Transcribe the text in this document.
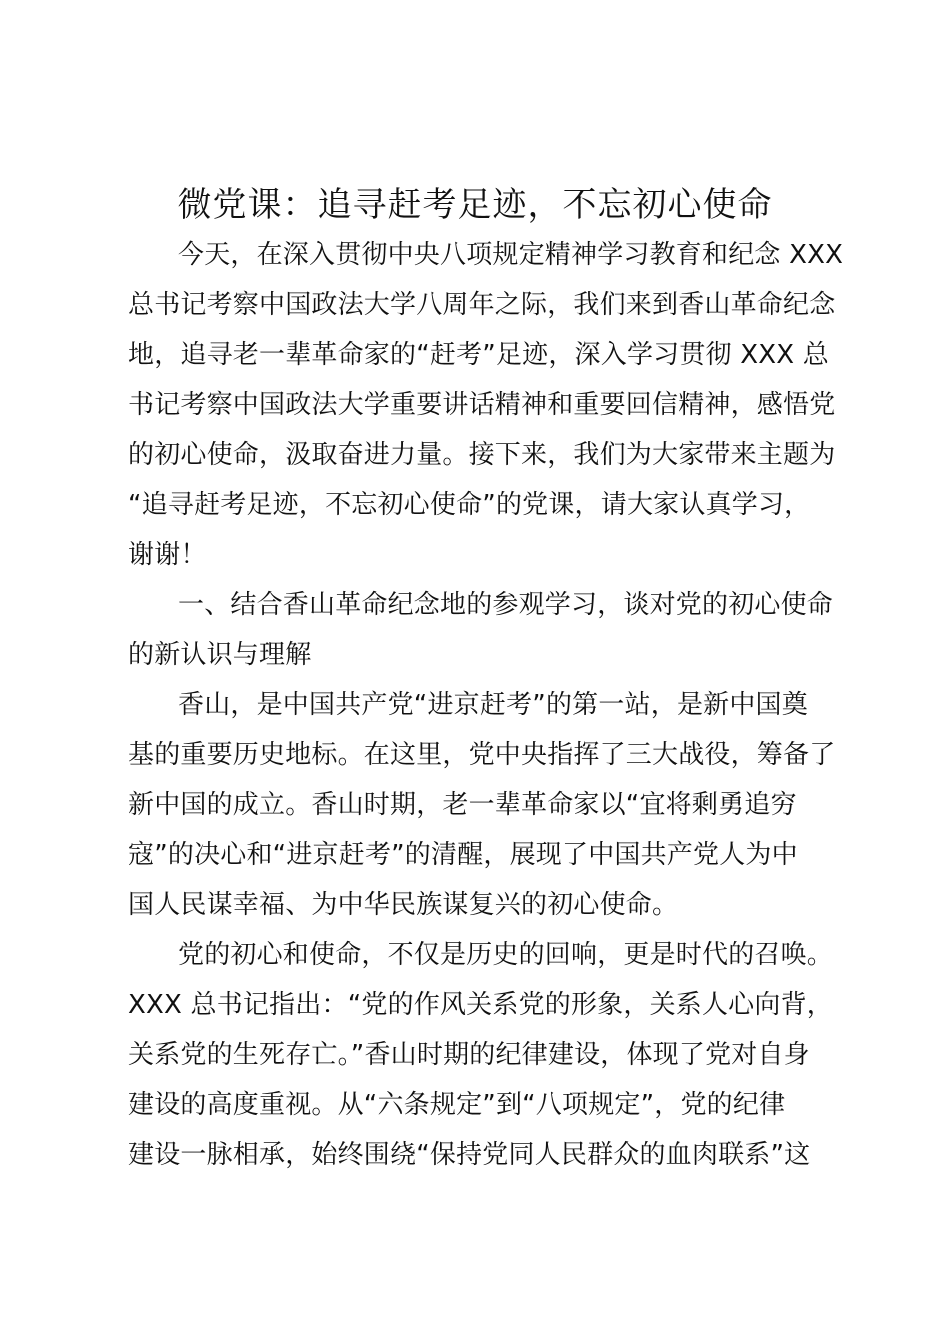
微党课：追寻赶考足迹，不忘初心使命
今天，在深入贯彻中央八项规定精神学习教育和纪念 XXX
总书记考察中国政法大学八周年之际，我们来到香山革命纪念
地，追寻老一辈革命家的“赶考”足迹，深入学习贯彻 XXX 总
书记考察中国政法大学重要讲话精神和重要回信精神，感悟党
的初心使命，汲取奋进力量。接下来，我们为大家带来主题为
“追寻赶考足迹，不忘初心使命”的党课，请大家认真学习，
谢谢！
一、结合香山革命纪念地的参观学习，谈对党的初心使命
的新认识与理解
香山，是中国共产党“进京赶考”的第一站，是新中国奠
基的重要历史地标。在这里，党中央指挥了三大战役，筹备了
新中国的成立。香山时期，老一辈革命家以“宜将剩勇追穷
寇”的决心和“进京赶考”的清醒，展现了中国共产党人为中
国人民谋幸福、为中华民族谋复兴的初心使命。
党的初心和使命，不仅是历史的回响，更是时代的召唤。
XXX 总书记指出：“党的作风关系党的形象，关系人心向背，
关系党的生死存亡。”香山时期的纪律建设，体现了党对自身
建设的高度重视。从“六条规定”到“八项规定”，党的纪律
建设一脉相承，始终围绕“保持党同人民群众的血肉联系”这
